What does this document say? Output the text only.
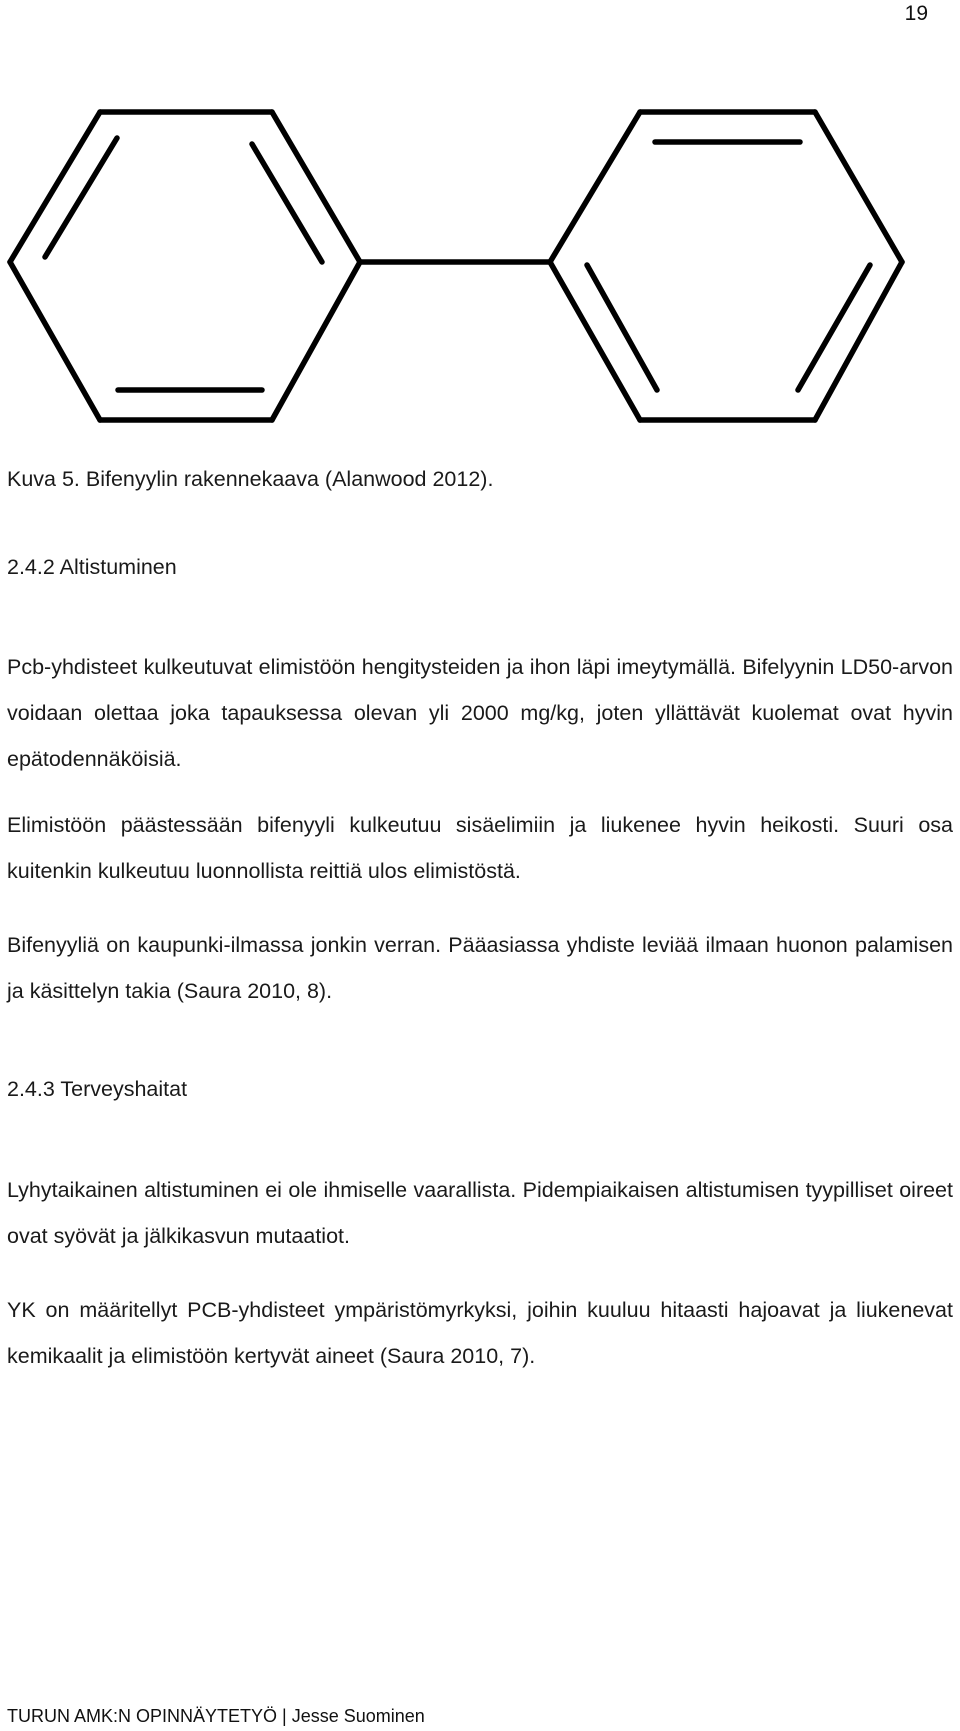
19

Kuva 5. Bifenyylin rakennekaava (Alanwood 2012).

2.4.2 Altistuminen

Pcb-yhdisteet kulkeutuvat elimistöön hengitysteiden ja ihon läpi imeytymällä. Bifelyynin LD50-arvon voidaan olettaa joka tapauksessa olevan yli 2000 mg/kg, joten yllättävät kuolemat ovat hyvin epätodennäköisiä.

Elimistöön päästessään bifenyyli kulkeutuu sisäelimiin ja liukenee hyvin heikosti. Suuri osa kuitenkin kulkeutuu luonnollista reittiä ulos elimistöstä.

Bifenyyliä on kaupunki-ilmassa jonkin verran. Pääasiassa yhdiste leviää ilmaan huonon palamisen ja käsittelyn takia (Saura 2010, 8).

2.4.3 Terveyshaitat

Lyhytaikainen altistuminen ei ole ihmiselle vaarallista. Pidempiaikaisen altistumisen tyypilliset oireet ovat syövät ja jälkikasvun mutaatiot.

YK on määritellyt PCB-yhdisteet ympäristömyrkyksi, joihin kuuluu hitaasti hajoavat ja liukenevat kemikaalit ja elimistöön kertyvät aineet (Saura 2010, 7).

TURUN AMK:N OPINNÄYTETYÖ | Jesse Suominen
